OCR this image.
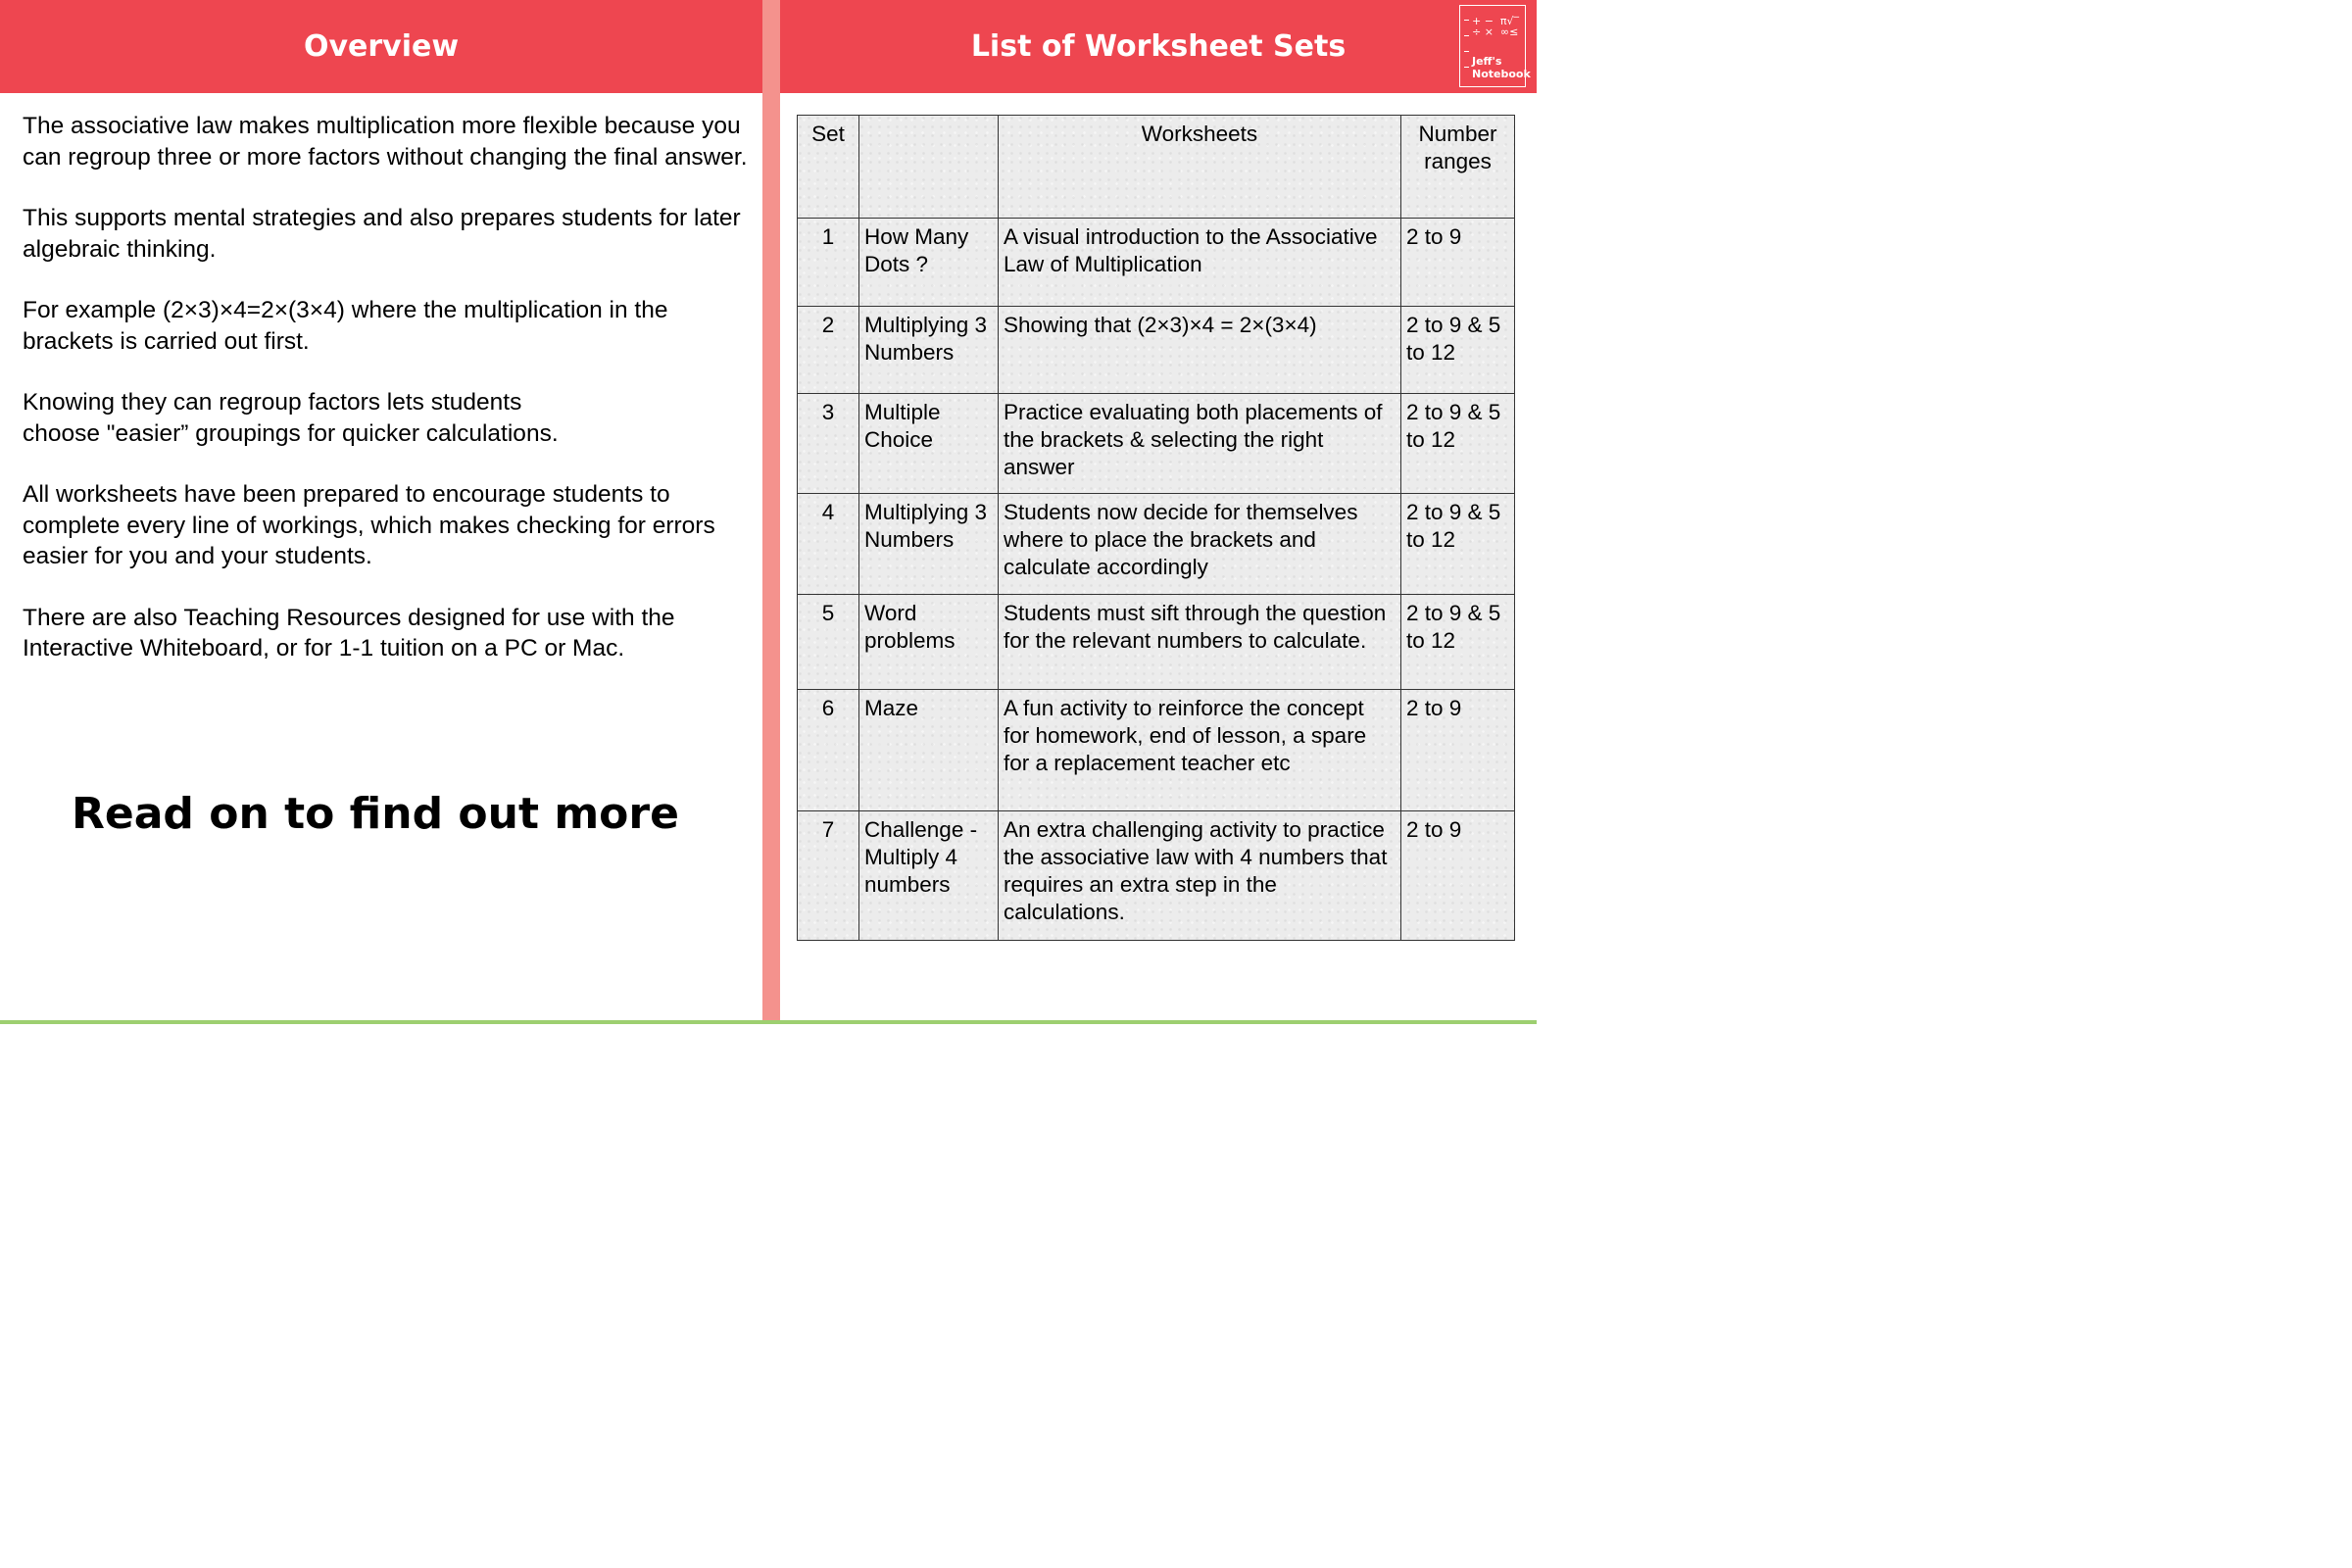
Overview	List of Worksheet Sets
+ −  π√‾
÷ ×  ∞≤
Jeff's
Notebook

The associative law makes multiplication more flexible because you can regroup three or more factors without changing the final answer.

This supports mental strategies and also prepares students for later algebraic thinking.

For example (2×3)×4=2×(3×4) where the multiplication in the brackets is carried out first.

Knowing they can regroup factors lets students choose "easier” groupings for quicker calculations.

All worksheets have been prepared to encourage students to complete every line of workings, which makes checking for errors easier for you and your students.

There are also Teaching Resources designed for use with the Interactive Whiteboard, or for 1-1 tuition on a PC or Mac.

Read on to find out more
Set		Worksheets	Number ranges
1	How Many Dots ?	A visual introduction to the Associative Law of Multiplication	2 to 9
2	Multiplying 3 Numbers	Showing that (2×3)×4 = 2×(3×4)	2 to 9 & 5 to 12
3	Multiple Choice	Practice evaluating both placements of the brackets & selecting the right answer	2 to 9 & 5 to 12
4	Multiplying 3 Numbers	Students now decide for themselves where to place the brackets and calculate accordingly	2 to 9 & 5 to 12
5	Word problems	Students must sift through the question for the relevant numbers to calculate.	2 to 9 & 5 to 12
6	Maze	A fun activity to reinforce the concept for homework, end of lesson, a spare for a replacement teacher etc	2 to 9
7	Challenge - Multiply 4 numbers	An extra challenging activity to practice the associative law with 4 numbers that requires an extra step in the calculations.	2 to 9
